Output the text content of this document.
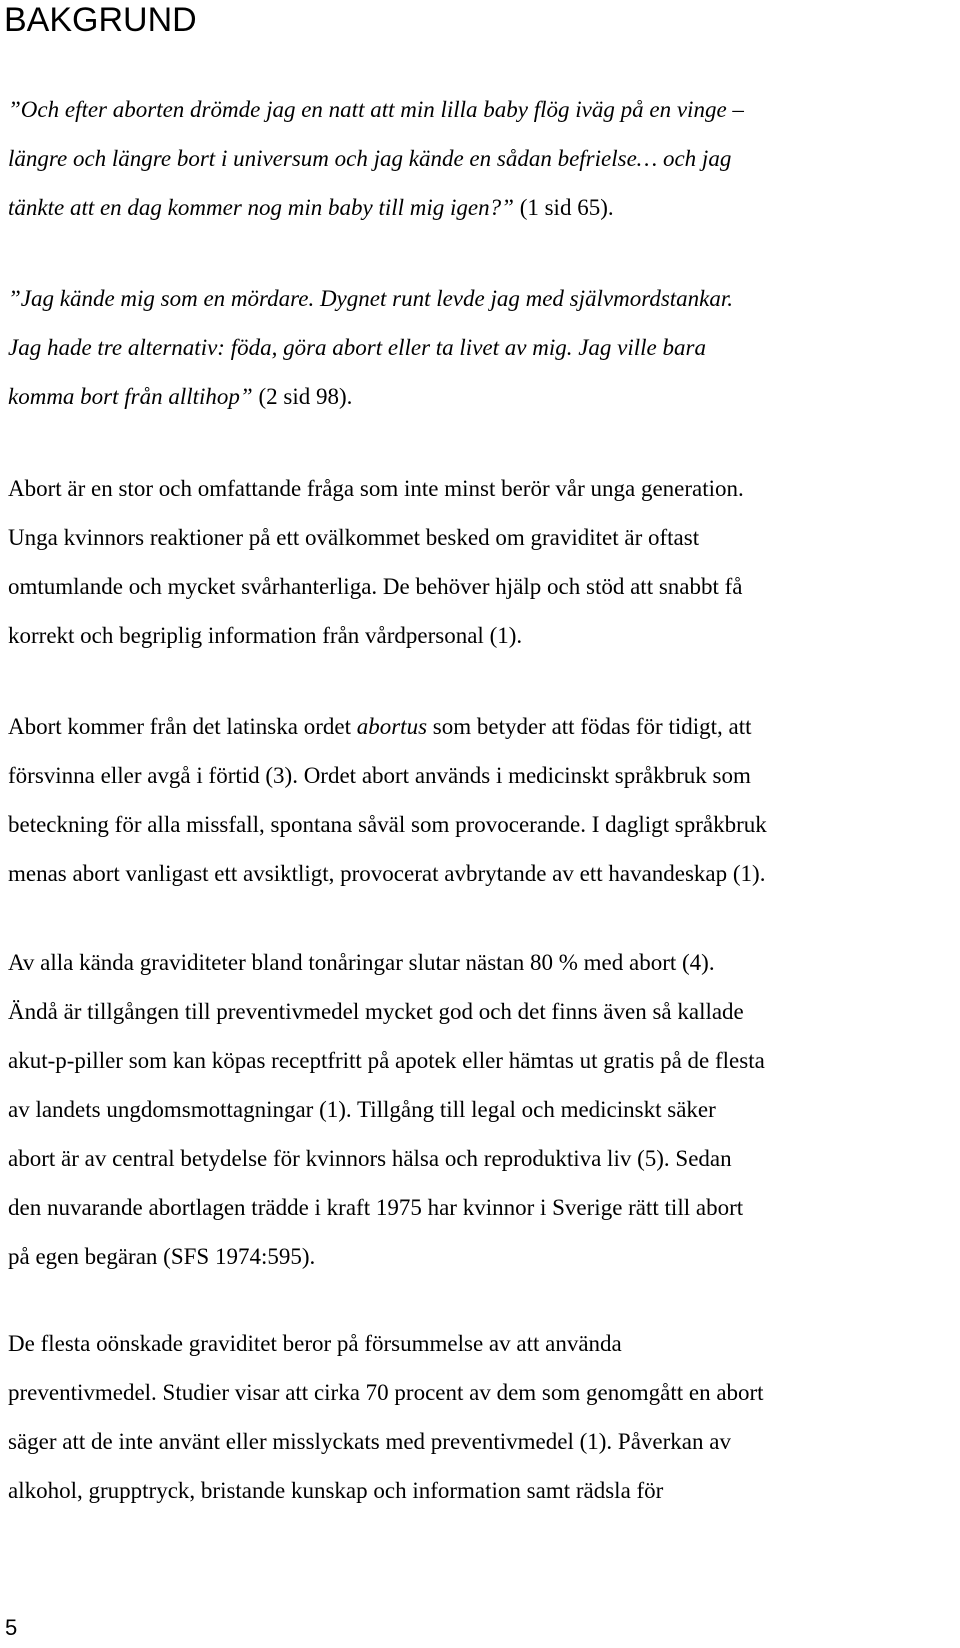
BAKGRUND
”Och efter aborten drömde jag en natt att min lilla baby flög iväg på en vinge –
längre och längre bort i universum och jag kände en sådan befrielse… och jag
tänkte att en dag kommer nog min baby till mig igen?” (1 sid 65).
”Jag kände mig som en mördare. Dygnet runt levde jag med självmordstankar.
Jag hade tre alternativ: föda, göra abort eller ta livet av mig. Jag ville bara
komma bort från alltihop” (2 sid 98).
Abort är en stor och omfattande fråga som inte minst berör vår unga generation.
Unga kvinnors reaktioner på ett ovälkommet besked om graviditet är oftast
omtumlande och mycket svårhanterliga. De behöver hjälp och stöd att snabbt få
korrekt och begriplig information från vårdpersonal (1).
Abort kommer från det latinska ordet abortus som betyder att födas för tidigt, att
försvinna eller avgå i förtid (3). Ordet abort används i medicinskt språkbruk som
beteckning för alla missfall, spontana såväl som provocerande. I dagligt språkbruk
menas abort vanligast ett avsiktligt, provocerat avbrytande av ett havandeskap (1).
Av alla kända graviditeter bland tonåringar slutar nästan 80 % med abort (4).
Ändå är tillgången till preventivmedel mycket god och det finns även så kallade
akut-p-piller som kan köpas receptfritt på apotek eller hämtas ut gratis på de flesta
av landets ungdomsmottagningar (1). Tillgång till legal och medicinskt säker
abort är av central betydelse för kvinnors hälsa och reproduktiva liv (5). Sedan
den nuvarande abortlagen trädde i kraft 1975 har kvinnor i Sverige rätt till abort
på egen begäran (SFS 1974:595).
De flesta oönskade graviditet beror på försummelse av att använda
preventivmedel. Studier visar att cirka 70 procent av dem som genomgått en abort
säger att de inte använt eller misslyckats med preventivmedel (1). Påverkan av
alkohol, grupptryck, bristande kunskap och information samt rädsla för
5
